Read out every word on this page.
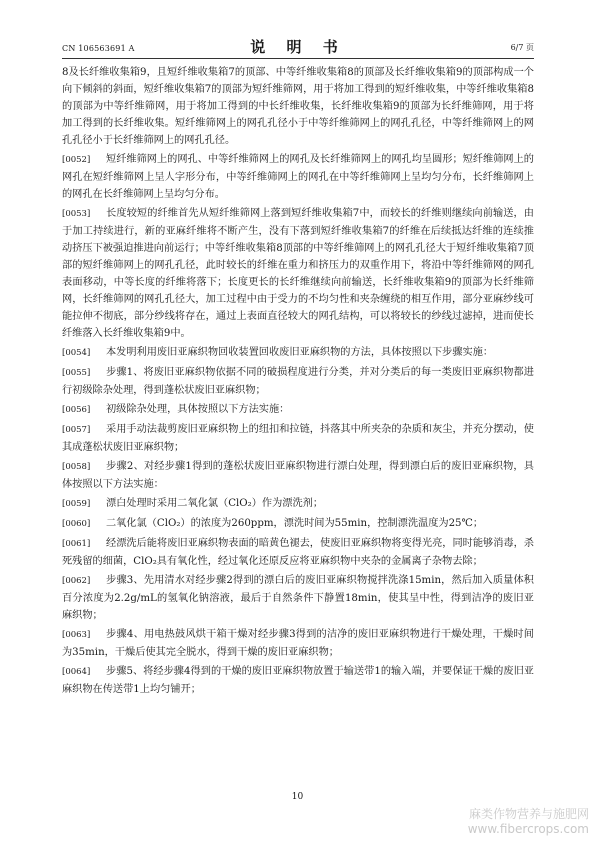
CN 106563691 A	说 明 书	6/7 页

8及长纤维收集箱9，且短纤维收集箱7的顶部、中等纤维收集箱8的顶部及长纤维收集箱9的顶部构成一个向下倾斜的斜面，短纤维收集箱7的顶部为短纤维筛网，用于将加工得到的短纤维收集，中等纤维收集箱8的顶部为中等纤维筛网，用于将加工得到的中长纤维收集，长纤维收集箱9的顶部为长纤维筛网，用于将加工得到的长纤维收集。短纤维筛网上的网孔孔径小于中等纤维筛网上的网孔孔径，中等纤维筛网上的网孔孔径小于长纤维筛网上的网孔孔径。

[0052] 短纤维筛网上的网孔、中等纤维筛网上的网孔及长纤维筛网上的网孔均呈圆形；短纤维筛网上的网孔在短纤维筛网上呈人字形分布，中等纤维筛网上的网孔在中等纤维筛网上呈均匀分布，长纤维筛网上的网孔在长纤维筛网上呈均匀分布。

[0053] 长度较短的纤维首先从短纤维筛网上落到短纤维收集箱7中，而较长的纤维则继续向前输送，由于加工持续进行，新的亚麻纤维将不断产生，没有下落到短纤维收集箱7的纤维在后续抵达纤维的连续推动挤压下被强迫推进向前运行；中等纤维收集箱8顶部的中等纤维筛网上的网孔孔径大于短纤维收集箱7顶部的短纤维筛网上的网孔孔径，此时较长的纤维在重力和挤压力的双重作用下，将沿中等纤维筛网的网孔表面移动，中等长度的纤维将落下；长度更长的长纤维继续向前输送，长纤维收集箱9的顶部为长纤维筛网，长纤维筛网的网孔孔径大，加工过程中由于受力的不均匀性和夹杂缠绕的相互作用，部分亚麻纱线可能拉伸不彻底，部分纱线将存在，通过上表面直径较大的网孔结构，可以将较长的纱线过滤掉，进而使长纤维落入长纤维收集箱9中。

[0054] 本发明利用废旧亚麻织物回收装置回收废旧亚麻织物的方法，具体按照以下步骤实施：

[0055] 步骤1、将废旧亚麻织物依据不同的破损程度进行分类，并对分类后的每一类废旧亚麻织物都进行初级除杂处理，得到蓬松状废旧亚麻织物；

[0056] 初级除杂处理，具体按照以下方法实施：

[0057] 采用手动法裁剪废旧亚麻织物上的纽扣和拉链，抖落其中所夹杂的杂质和灰尘，并充分摆动，使其成蓬松状废旧亚麻织物；

[0058] 步骤2、对经步骤1得到的蓬松状废旧亚麻织物进行漂白处理，得到漂白后的废旧亚麻织物，具体按照以下方法实施：

[0059] 漂白处理时采用二氧化氯（ClO₂）作为漂洗剂；

[0060] 二氧化氯（ClO₂）的浓度为260ppm，漂洗时间为55min，控制漂洗温度为25℃；

[0061] 经漂洗后能将废旧亚麻织物表面的暗黄色褪去，使废旧亚麻织物将变得光亮，同时能够消毒，杀死残留的细菌，ClO₂具有氧化性，经过氧化还原反应将亚麻织物中夹杂的金属离子杂物去除；

[0062] 步骤3、先用清水对经步骤2得到的漂白后的废旧亚麻织物搅拌洗涤15min，然后加入质量体积百分浓度为2.2g/mL的氢氧化钠溶液，最后于自然条件下静置18min，使其呈中性，得到洁净的废旧亚麻织物；

[0063] 步骤4、用电热鼓风烘干箱干燥对经步骤3得到的洁净的废旧亚麻织物进行干燥处理，干燥时间为35min，干燥后使其完全脱水，得到干燥的废旧亚麻织物；

[0064] 步骤5、将经步骤4得到的干燥的废旧亚麻织物放置于输送带1的输入端，并要保证干燥的废旧亚麻织物在传送带1上均匀铺开；

10
麻类作物营养与施肥网
www.fibercrops.com
